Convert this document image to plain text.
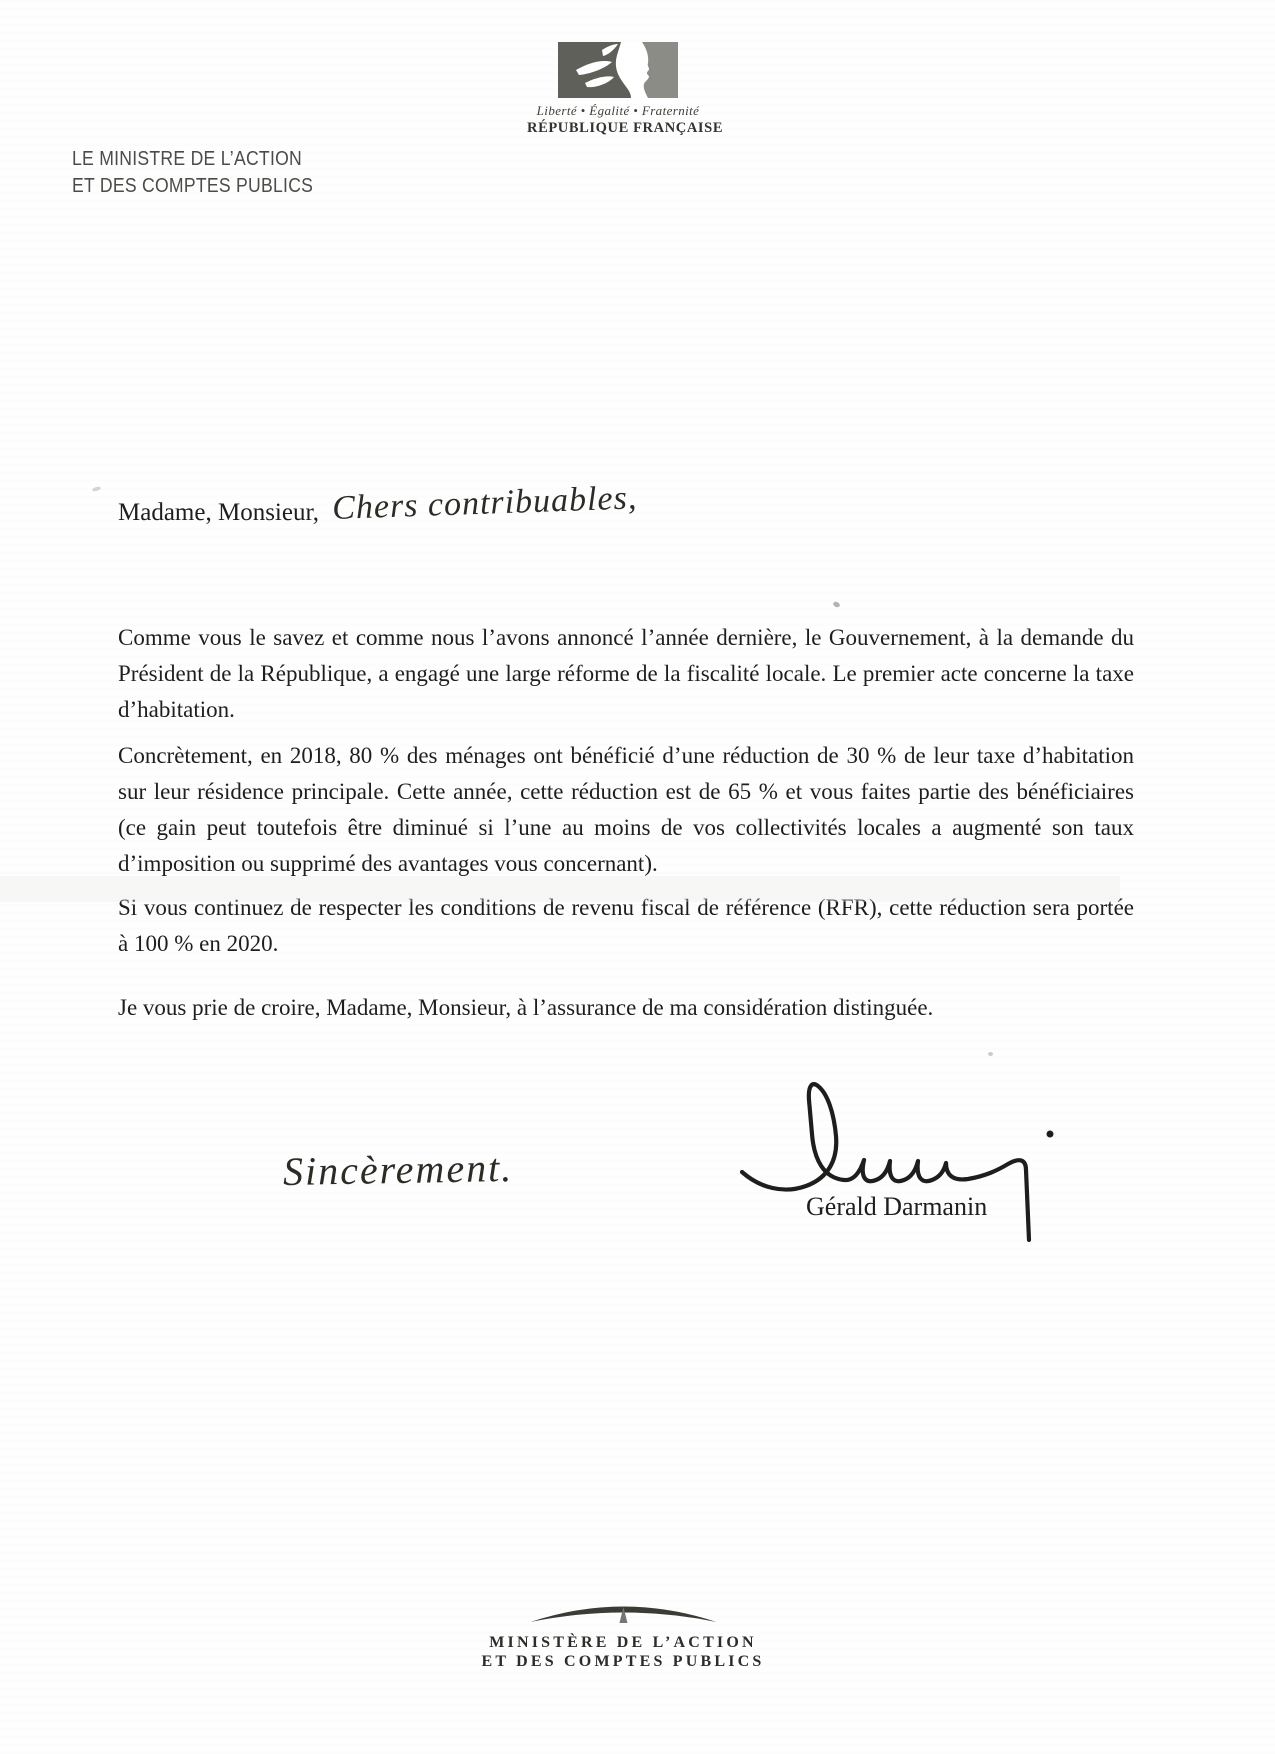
Liberté • Égalité • Fraternité
RÉPUBLIQUE FRANÇAISE
LE MINISTRE DE L’ACTION
ET DES COMPTES PUBLICS
Madame, Monsieur, Chers contribuables,

Comme vous le savez et comme nous l’avons annoncé l’année dernière, le Gouvernement, à la demande du Président de la République, a engagé une large réforme de la fiscalité locale. Le premier acte concerne la taxe d’habitation.

Concrètement, en 2018, 80 % des ménages ont bénéficié d’une réduction de 30 % de leur taxe d’habitation sur leur résidence principale. Cette année, cette réduction est de 65 % et vous faites partie des bénéficiaires (ce gain peut toutefois être diminué si l’une au moins de vos collectivités locales a augmenté son taux d’imposition ou supprimé des avantages vous concernant).

Si vous continuez de respecter les conditions de revenu fiscal de référence (RFR), cette réduction sera portée à 100 % en 2020.

Je vous prie de croire, Madame, Monsieur, à l’assurance de ma considération distinguée.

Sincèrement.
Gérald Darmanin
MINISTÈRE DE L’ACTION
ET DES COMPTES PUBLICS
